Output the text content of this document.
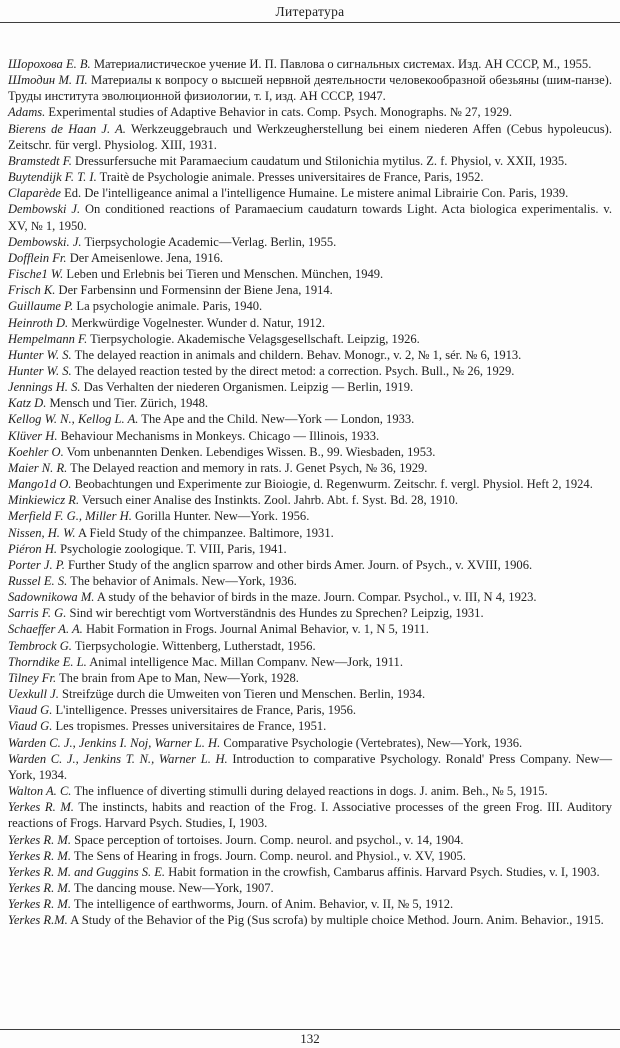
Литература

Шорохова Е. В. Материалистическое учение И. П. Павлова о сигнальных системах. Изд. АН СССР, М., 1955.

Штодин М. П. Материалы к вопросу о высшей нервной деятельности человекообразной обезьяны (шим-панзе). Труды института эволюционной физиологии, т. I, изд. АН СССР, 1947.

Adams. Experimental studies of Adaptive Behavior in cats. Comp. Psych. Monographs. № 27, 1929.

Bierens de Haan J. A. Werkzeuggebrauch und Werkzeugherstellung bei einem niederen Affen (Cebus hypoleucus). Zeitschr. für vergl. Physiolog. XIII, 1931.

Bramstedt F. Dressurfersuche mit Paramaecium caudatum und Stilonichia mytilus. Z. f. Physiol, v. XXII, 1935.

Buytendijk F. T. I. Traitè de Psychologie animale. Presses universitaires de France, Paris, 1952.

Claparède Ed. De l'intelligeance animal a l'intelligence Humaine. Le mistere animal Librairie Con. Paris, 1939.

Dembowski J. On conditioned reactions of Paramaecium caudaturn towards Light. Acta biologica experimentalis. v. XV, № 1, 1950.

Dembowski. J. Tierpsychologie Academic—Verlag. Berlin, 1955.

Dofflein Fr. Der Ameisenlowe. Jena, 1916.

Fische1 W. Leben und Erlebnis bei Tieren und Menschen. München, 1949.

Frisch K. Der Farbensinn und Formensinn der Biene Jena, 1914.

Guillaume P. La psychologie animale. Paris, 1940.

Heinroth D. Merkwürdige Vogelnester. Wunder d. Natur, 1912.

Hempelmann F. Tierpsychologie. Akademische Velagsgesellschaft. Leipzig, 1926.

Hunter W. S. The delayed reaction in animals and childern. Behav. Monogr., v. 2, № 1, sér. № 6, 1913.

Hunter W. S. The delayed reaction tested by the direct metod: a correction. Psych. Bull., № 26, 1929.

Jennings H. S. Das Verhalten der niederen Organismen. Leipzig — Berlin, 1919.

Katz D. Mensch und Tier. Zürich, 1948.

Kellog W. N., Kellog L. A. The Ape and the Child. New—York — London, 1933.

Klüver H. Behaviour Mechanisms in Monkeys. Chicago — Illinois, 1933.

Koehler O. Vom unbenannten Denken. Lebendiges Wissen. B., 99. Wiesbaden, 1953.

Maier N. R. The Delayed reaction and memory in rats. J. Genet Psych, № 36, 1929.

Mango1d O. Beobachtungen und Experimente zur Bioiogie, d. Regenwurm. Zeitschr. f. vergl. Physiol. Heft 2, 1924.

Minkiewicz R. Versuch einer Analise des Instinkts. Zool. Jahrb. Abt. f. Syst. Bd. 28, 1910.

Merfield F. G., Miller H. Gorilla Hunter. New—York. 1956.

Nissen, H. W. A Field Study of the chimpanzee. Baltimore, 1931.

Piéron H. Psychologie zoologique. T. VIII, Paris, 1941.

Porter J. P. Further Study of the anglicn sparrow and other birds Amer. Journ. of Psych., v. XVIII, 1906.

Russel E. S. The behavior of Animals. New—York, 1936.

Sadownikowa M. A study of the behavior of birds in the maze. Journ. Compar. Psychol., v. III, N 4, 1923.

Sarris F. G. Sind wir berechtigt vom Wortverständnis des Hundes zu Sprechen? Leipzig, 1931.

Schaeffer A. A. Habit Formation in Frogs. Journal Animal Behavior, v. 1, N 5, 1911.

Tembrock G. Tierpsychologie. Wittenberg, Lutherstadt, 1956.

Thorndike E. L. Animal intelligence Mac. Millan Companv. New—Jork, 1911.

Tilney Fr. The brain from Ape to Man, New—York, 1928.

Uexkull J. Streifzüge durch die Umweiten von Tieren und Menschen. Berlin, 1934.

Viaud G. L'intelligence. Presses universitaires de France, Paris, 1956.

Viaud G. Les tropismes. Presses universitaires de France, 1951.

Warden C. J., Jenkins I. Noj, Warner L. H. Comparative Psychologie (Vertebrates), New—York, 1936.

Warden C. J., Jenkins T. N., Warner L. H. Introduction to comparative Psychology. Ronald' Press Company. New—York, 1934.

Walton A. C. The influence of diverting stimulli during delayed reactions in dogs. J. anim. Beh., № 5, 1915.

Yerkes R. M. The instincts, habits and reaction of the Frog. I. Associative processes of the green Frog. III. Auditory reactions of Frogs. Harvard Psych. Studies, I, 1903.

Yerkes R. M. Space perception of tortoises. Journ. Comp. neurol. and psychol., v. 14, 1904.

Yerkes R. M. The Sens of Hearing in frogs. Journ. Comp. neurol. and Physiol., v. XV, 1905.

Yerkes R. M. and Guggins S. E. Habit formation in the crowfish, Cambarus affinis. Harvard Psych. Studies, v. I, 1903.

Yerkes R. M. The dancing mouse. New—York, 1907.

Yerkes R. M. The intelligence of earthworms, Journ. of Anim. Behavior, v. II, № 5, 1912.

Yerkes R.M. A Study of the Behavior of the Pig (Sus scrofa) by multiple choice Method. Journ. Anim. Behavior., 1915.

132
